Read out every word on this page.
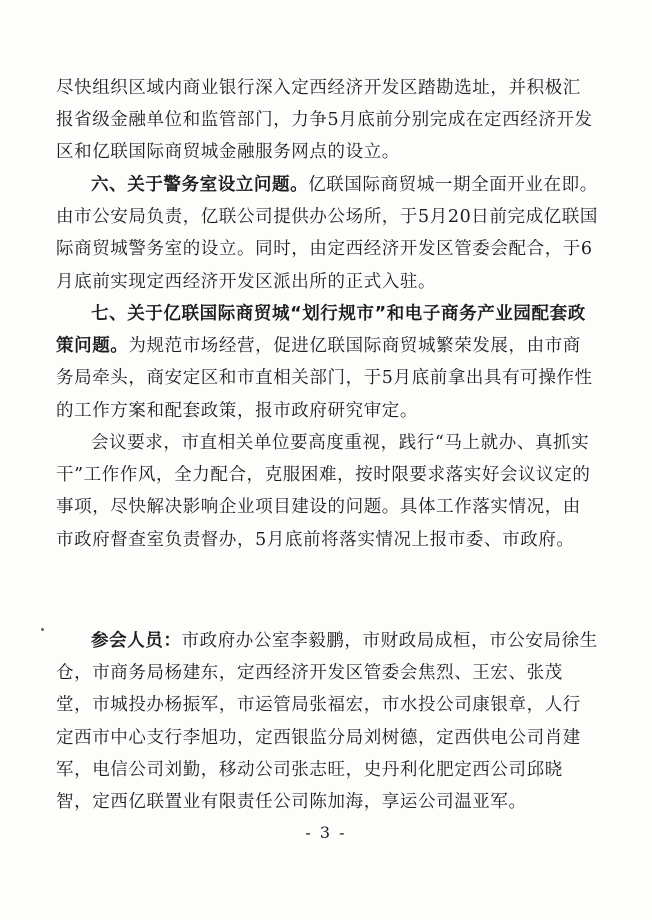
尽快组织区域内商业银行深入定西经济开发区踏勘选址，并积极汇报省级金融单位和监管部门，力争5月底前分别完成在定西经济开发区和亿联国际商贸城金融服务网点的设立。

六、关于警务室设立问题。亿联国际商贸城一期全面开业在即。由市公安局负责，亿联公司提供办公场所，于5月20日前完成亿联国际商贸城警务室的设立。同时，由定西经济开发区管委会配合，于6月底前实现定西经济开发区派出所的正式入驻。

七、关于亿联国际商贸城“划行规市”和电子商务产业园配套政策问题。为规范市场经营，促进亿联国际商贸城繁荣发展，由市商务局牵头，商安定区和市直相关部门，于5月底前拿出具有可操作性的工作方案和配套政策，报市政府研究审定。

会议要求，市直相关单位要高度重视，践行“马上就办、真抓实干”工作作风，全力配合，克服困难，按时限要求落实好会议议定的事项，尽快解决影响企业项目建设的问题。具体工作落实情况，由市政府督查室负责督办，5月底前将落实情况上报市委、市政府。

参会人员：市政府办公室李毅鹏，市财政局成桓，市公安局徐生仓，市商务局杨建东，定西经济开发区管委会焦烈、王宏、张茂堂，市城投办杨振军，市运管局张福宏，市水投公司康银章，人行定西市中心支行李旭功，定西银监分局刘树德，定西供电公司肖建军，电信公司刘勤，移动公司张志旺，史丹利化肥定西公司邱晓智，定西亿联置业有限责任公司陈加海，享运公司温亚军。

- 3 -
